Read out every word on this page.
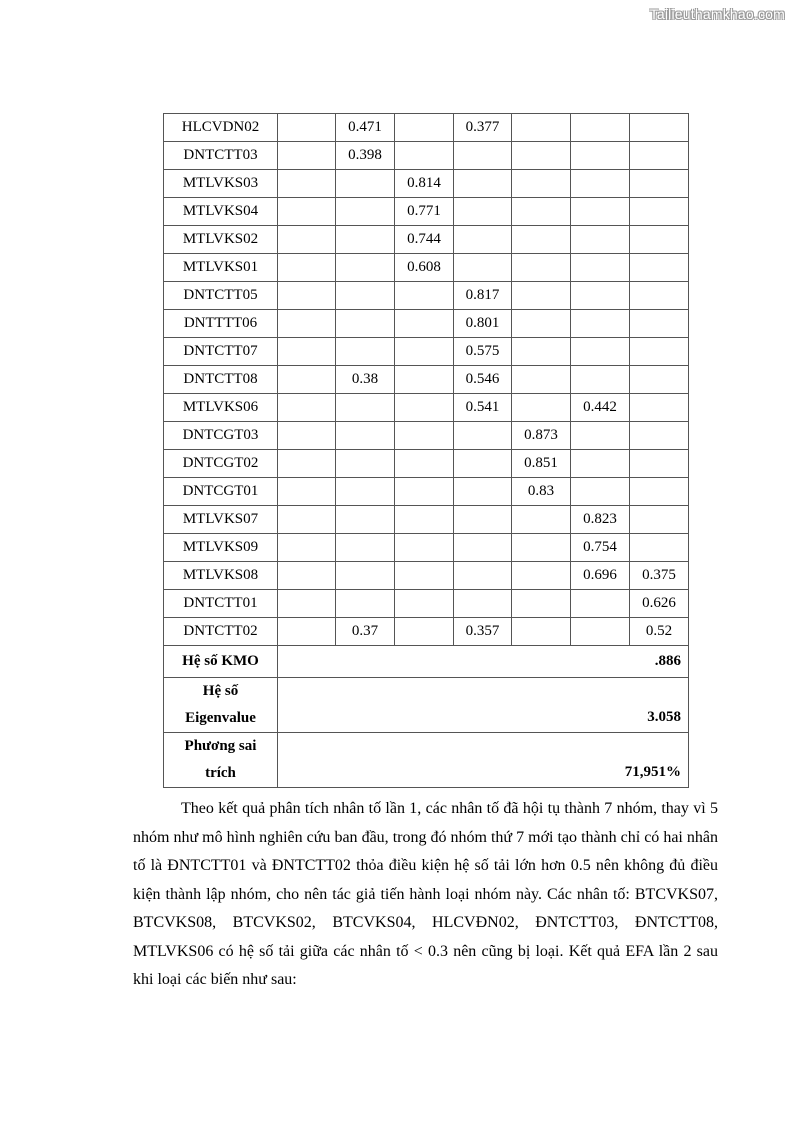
Tailieuthamkhao.com
HLCVDN02		0.471		0.377			
DNTCTT03		0.398					
MTLVKS03			0.814				
MTLVKS04			0.771				
MTLVKS02			0.744				
MTLVKS01			0.608				
DNTCTT05				0.817			
DNTTTT06				0.801			
DNTCTT07				0.575			
DNTCTT08		0.38		0.546			
MTLVKS06				0.541		0.442	
DNTCGT03					0.873		
DNTCGT02					0.851		
DNTCGT01					0.83		
MTLVKS07						0.823	
MTLVKS09						0.754	
MTLVKS08						0.696	0.375
DNTCTT01							0.626
DNTCTT02		0.37		0.357			0.52
Hệ số KMO	.886						
Hệ số
Eigenvalue	3.058						
Phương sai
trích	71,951%						

Theo kết quả phân tích nhân tố lần 1, các nhân tố đã hội tụ thành 7 nhóm, thay vì 5 nhóm như mô hình nghiên cứu ban đầu, trong đó nhóm thứ 7 mới tạo thành chỉ có hai nhân tố là ĐNTCTT01 và ĐNTCTT02 thỏa điều kiện hệ số tải lớn hơn 0.5 nên không đủ điều kiện thành lập nhóm, cho nên tác giả tiến hành loại nhóm này. Các nhân tố: BTCVKS07, BTCVKS08, BTCVKS02, BTCVKS04, HLCVĐN02, ĐNTCTT03, ĐNTCTT08, MTLVKS06 có hệ số tải giữa các nhân tố < 0.3 nên cũng bị loại. Kết quả EFA lần 2 sau khi loại các biến như sau:
